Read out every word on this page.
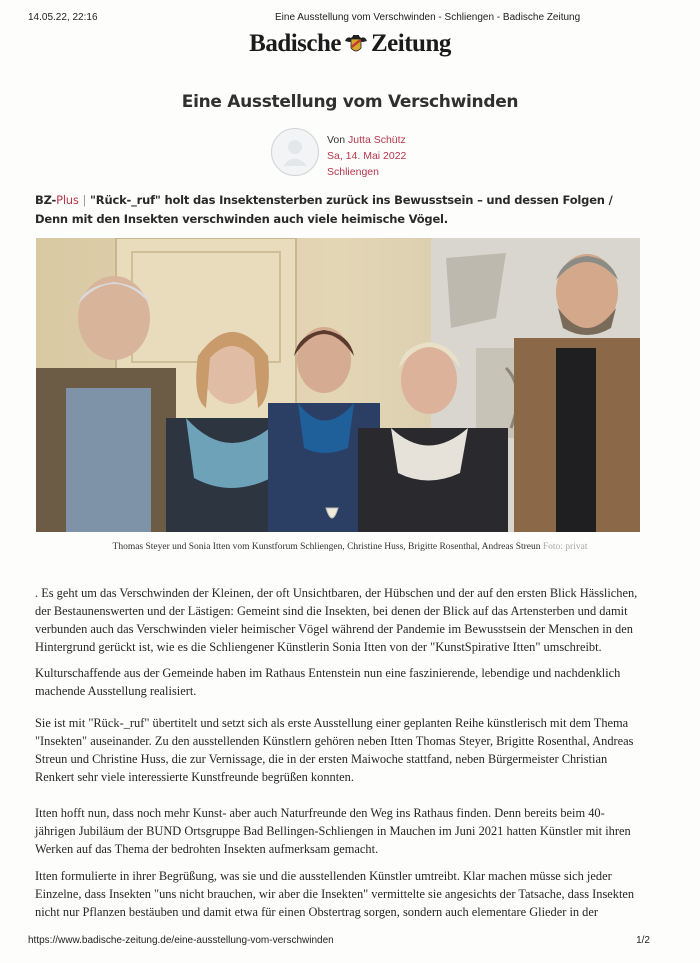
14.05.22, 22:16	Eine Ausstellung vom Verschwinden - Schliengen - Badische Zeitung
Badische Zeitung
Eine Ausstellung vom Verschwinden
Von Jutta Schütz
Sa, 14. Mai 2022
Schliengen
BZ-Plus | "Rück-_ruf" holt das Insektensterben zurück ins Bewusstsein – und dessen Folgen / Denn mit den Insekten verschwinden auch viele heimische Vögel.
Thomas Steyer und Sonia Itten vom Kunstforum Schliengen, Christine Huss, Brigitte Rosenthal, Andreas Streun Foto: privat
. Es geht um das Verschwinden der Kleinen, der oft Unsichtbaren, der Hübschen und der auf den ersten Blick Hässlichen, der Bestaunenswerten und der Lästigen: Gemeint sind die Insekten, bei denen der Blick auf das Artensterben und damit verbunden auch das Verschwinden vieler heimischer Vögel während der Pandemie im Bewusstsein der Menschen in den Hintergrund gerückt ist, wie es die Schliengener Künstlerin Sonia Itten von der "KunstSpirative Itten" umschreibt.
Kulturschaffende aus der Gemeinde haben im Rathaus Entenstein nun eine faszinierende, lebendige und nachdenklich machende Ausstellung realisiert.
Sie ist mit "Rück-_ruf" übertitelt und setzt sich als erste Ausstellung einer geplanten Reihe künstlerisch mit dem Thema "Insekten" auseinander. Zu den ausstellenden Künstlern gehören neben Itten Thomas Steyer, Brigitte Rosenthal, Andreas Streun und Christine Huss, die zur Vernissage, die in der ersten Maiwoche stattfand, neben Bürgermeister Christian Renkert sehr viele interessierte Kunstfreunde begrüßen konnten.
Itten hofft nun, dass noch mehr Kunst- aber auch Naturfreunde den Weg ins Rathaus finden. Denn bereits beim 40-jährigen Jubiläum der BUND Ortsgruppe Bad Bellingen-Schliengen in Mauchen im Juni 2021 hatten Künstler mit ihren Werken auf das Thema der bedrohten Insekten aufmerksam gemacht.
Itten formulierte in ihrer Begrüßung, was sie und die ausstellenden Künstler umtreibt. Klar machen müsse sich jeder Einzelne, dass Insekten "uns nicht brauchen, wir aber die Insekten" vermittelte sie angesichts der Tatsache, dass Insekten nicht nur Pflanzen bestäuben und damit etwa für einen Obstertrag sorgen, sondern auch elementare Glieder in der
https://www.badische-zeitung.de/eine-ausstellung-vom-verschwinden	1/2
